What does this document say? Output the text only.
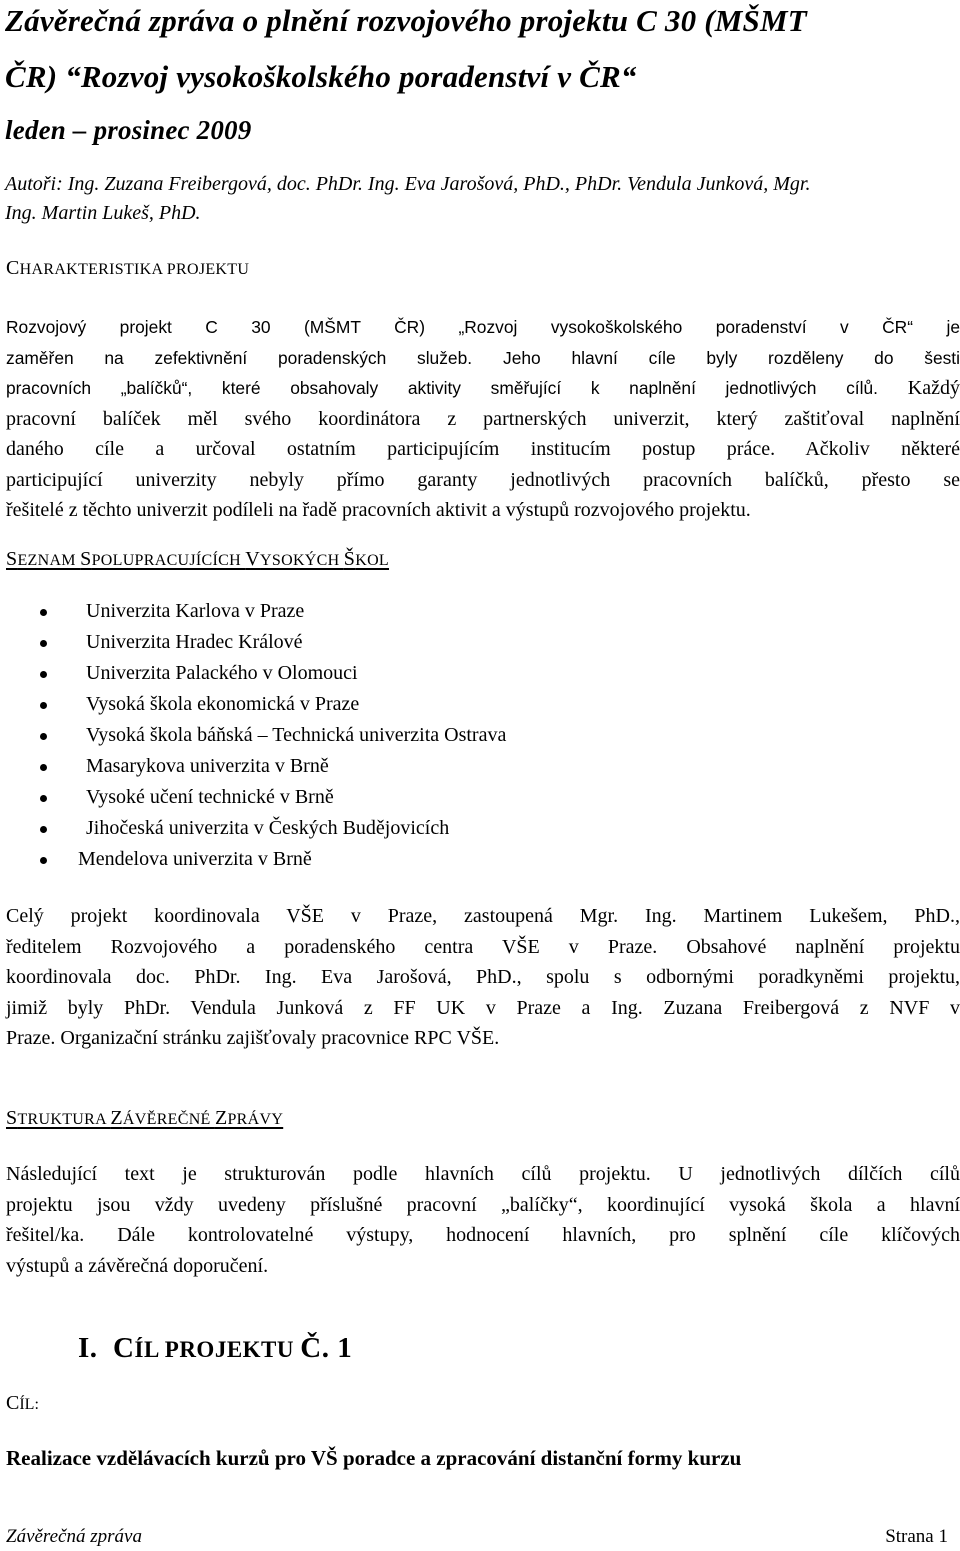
Závěrečná zpráva o plnění rozvojového projektu C 30 (MŠMT
ČR) “Rozvoj vysokoškolského poradenství v ČR“
leden – prosinec 2009
Autoři: Ing. Zuzana Freibergová, doc. PhDr. Ing. Eva Jarošová, PhD., PhDr. Vendula Junková, Mgr.
Ing. Martin Lukeš, PhD.
CHARAKTERISTIKA PROJEKTU
Rozvojový projekt C 30 (MŠMT ČR) „Rozvoj vysokoškolského poradenství v ČR“ je
zaměřen na zefektivnění poradenských služeb. Jeho hlavní cíle byly rozděleny do šesti
pracovních „balíčků“, které obsahovaly aktivity směřující k naplnění jednotlivých cílů. Každý
pracovní balíček měl svého koordinátora z partnerských univerzit, který zaštiťoval naplnění
daného cíle a určoval ostatním participujícím institucím postup práce. Ačkoliv některé
participující univerzity nebyly přímo garanty jednotlivých pracovních balíčků, přesto se
řešitelé z těchto univerzit podíleli na řadě pracovních aktivit a výstupů rozvojového projektu.
SEZNAM SPOLUPRACUJÍCÍCH VYSOKÝCH ŠKOL
Univerzita Karlova v Praze
Univerzita Hradec Králové
Univerzita Palackého v Olomouci
Vysoká škola ekonomická v Praze
Vysoká škola báňská – Technická univerzita Ostrava
Masarykova univerzita v Brně
Vysoké učení technické v Brně
Jihočeská univerzita v Českých Budějovicích
Mendelova univerzita v Brně
Celý projekt koordinovala VŠE v Praze, zastoupená Mgr. Ing. Martinem Lukešem, PhD.,
ředitelem Rozvojového a poradenského centra VŠE v Praze. Obsahové naplnění projektu
koordinovala doc. PhDr. Ing. Eva Jarošová, PhD., spolu s odbornými poradkyněmi projektu,
jimiž byly PhDr. Vendula Junková z FF UK v Praze a Ing. Zuzana Freibergová z NVF v
Praze. Organizační stránku zajišťovaly pracovnice RPC VŠE.
STRUKTURA ZÁVĚREČNÉ ZPRÁVY
Následující text je strukturován podle hlavních cílů projektu. U jednotlivých dílčích cílů
projektu jsou vždy uvedeny příslušné pracovní „balíčky“, koordinující vysoká škola a hlavní
řešitel/ka. Dále kontrolovatelné výstupy, hodnocení hlavních, pro splnění cíle klíčových
výstupů a závěrečná doporučení.
I. CÍL PROJEKTU Č. 1
CÍL:
Realizace vzdělávacích kurzů pro VŠ poradce a zpracování distanční formy kurzu
Závěrečná zpráva	Strana 1
